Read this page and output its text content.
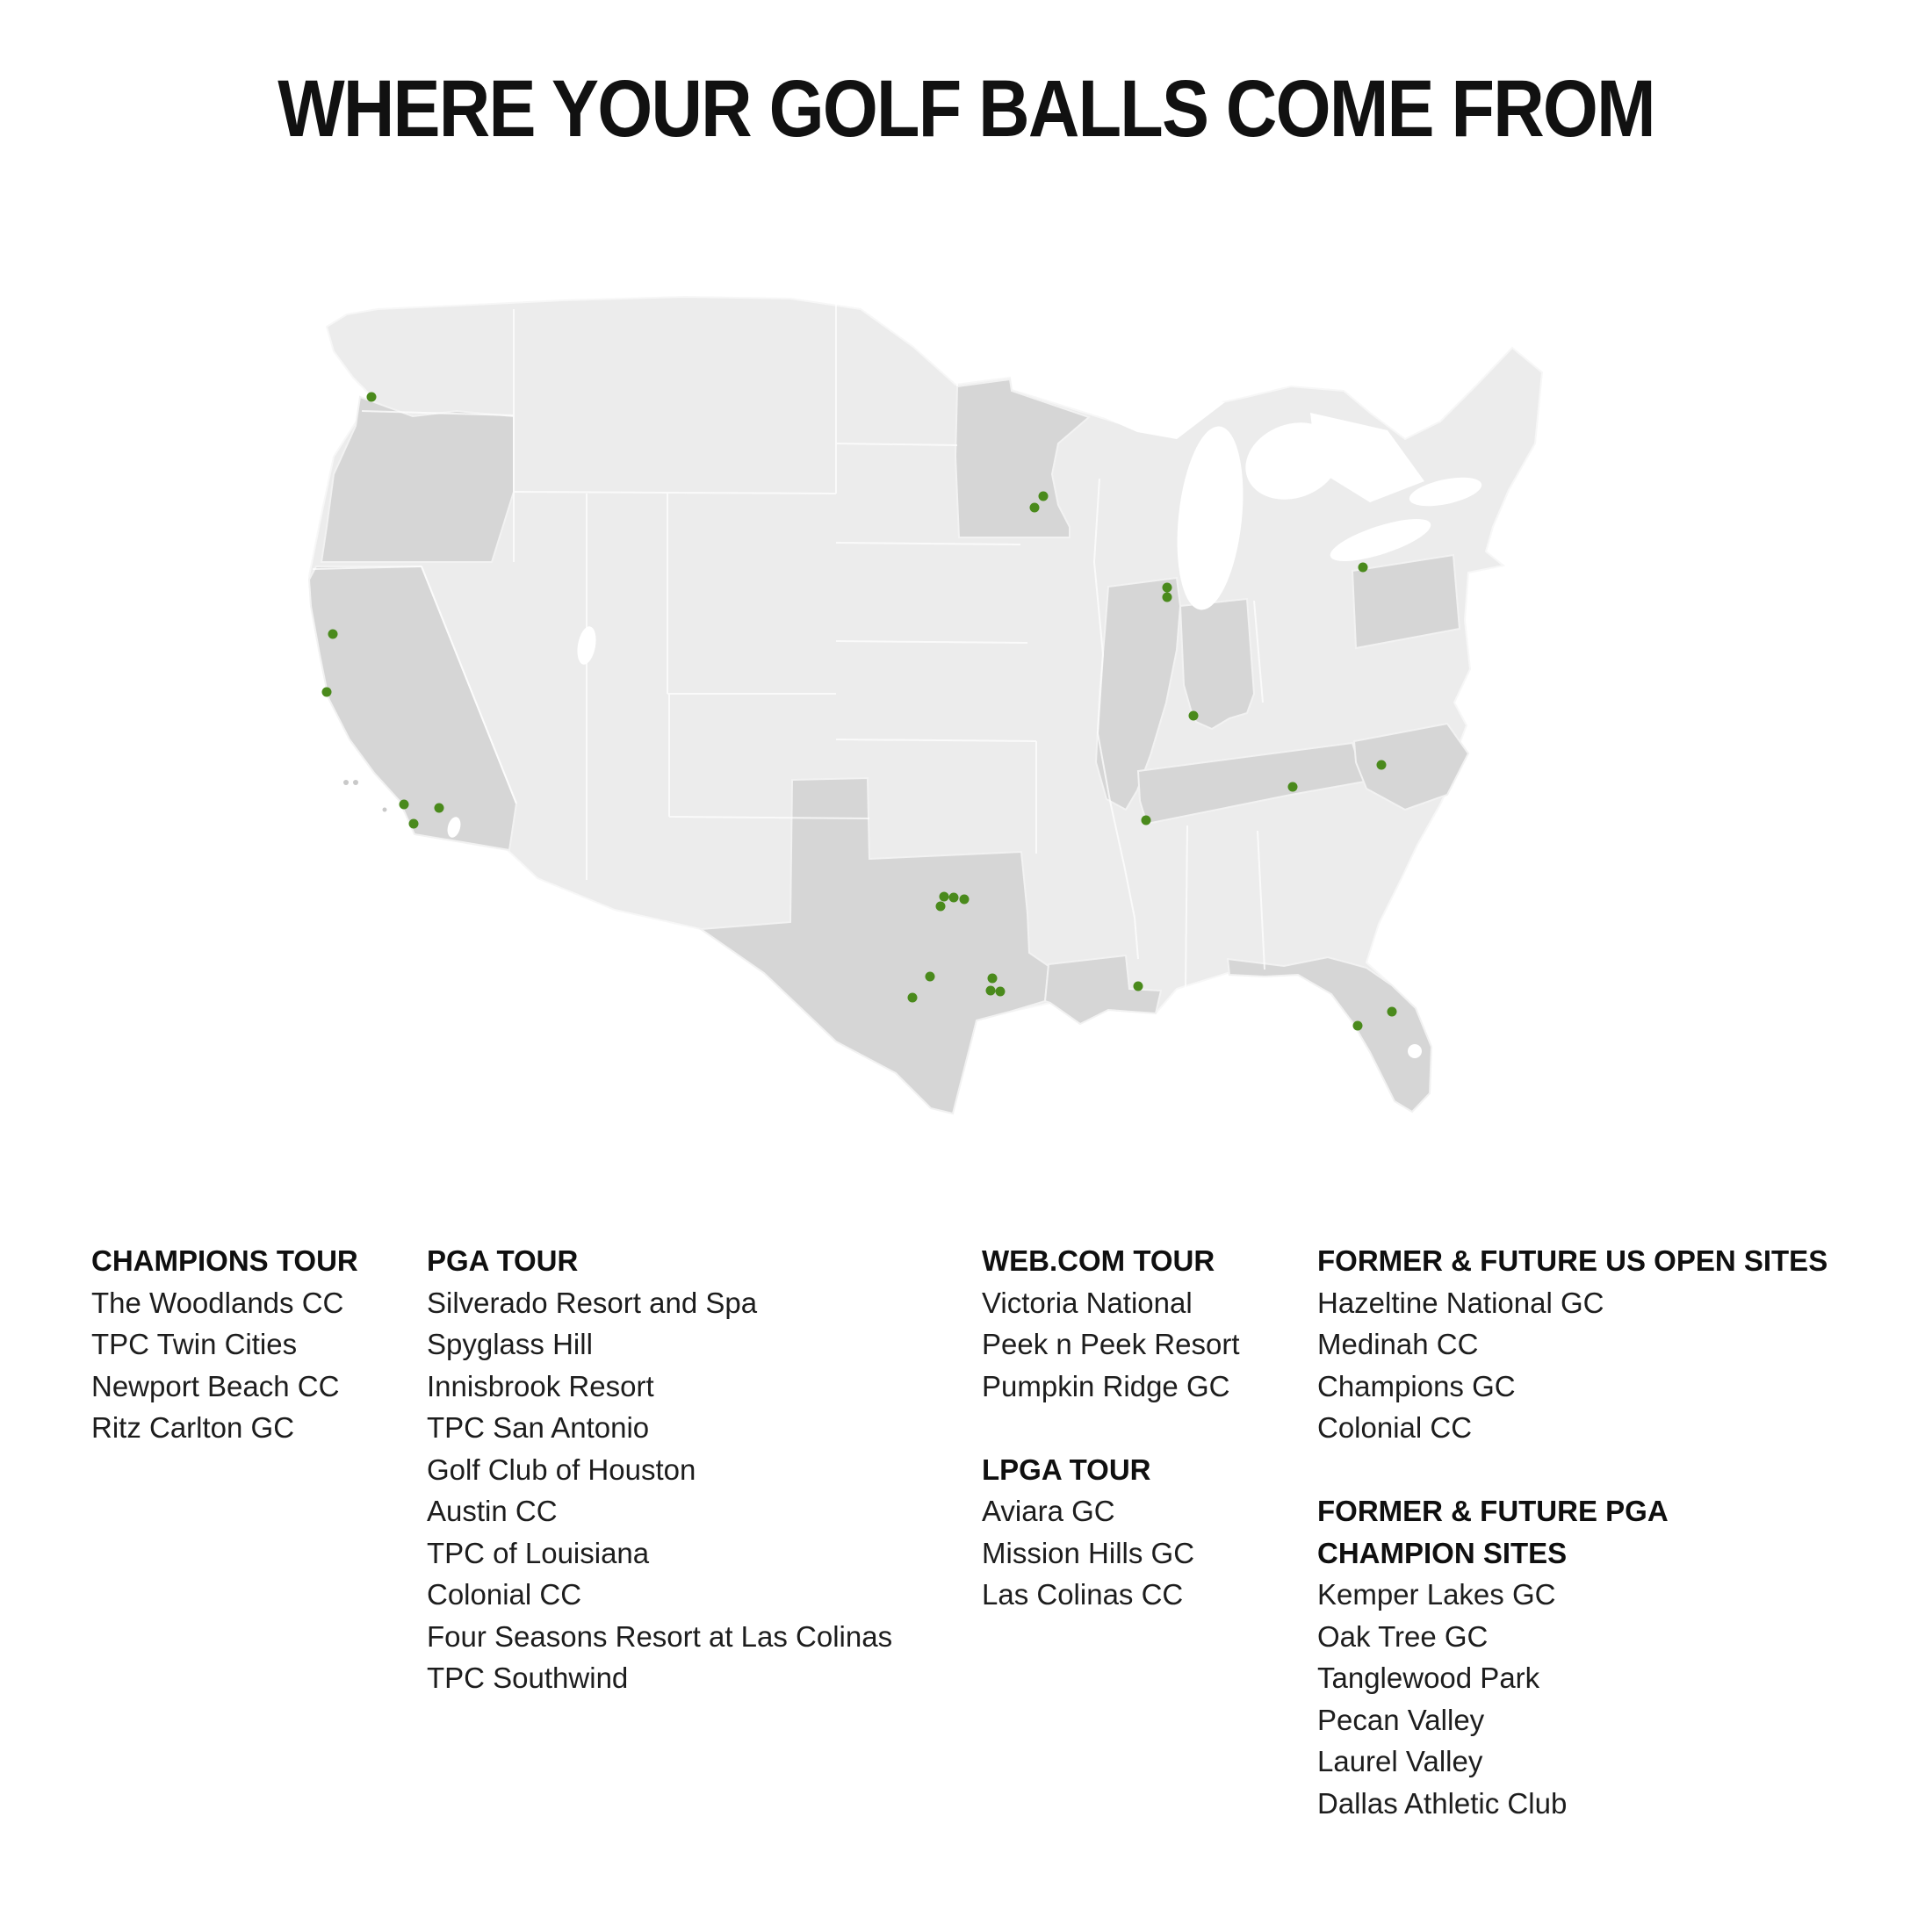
WHERE YOUR GOLF BALLS COME FROM
CHAMPIONS TOUR
The Woodlands CC
TPC Twin Cities
Newport Beach CC
Ritz Carlton GC
PGA TOUR
Silverado Resort and Spa
Spyglass Hill
Innisbrook Resort
TPC San Antonio
Golf Club of Houston
Austin CC
TPC of Louisiana
Colonial CC
Four Seasons Resort at Las Colinas
TPC Southwind
WEB.COM TOUR
Victoria National
Peek n Peek Resort
Pumpkin Ridge GC
LPGA TOUR
Aviara GC
Mission Hills GC
Las Colinas CC
FORMER & FUTURE US OPEN SITES
Hazeltine National GC
Medinah CC
Champions GC
Colonial CC
FORMER & FUTURE PGA
CHAMPION SITES
Kemper Lakes GC
Oak Tree GC
Tanglewood Park
Pecan Valley
Laurel Valley
Dallas Athletic Club
